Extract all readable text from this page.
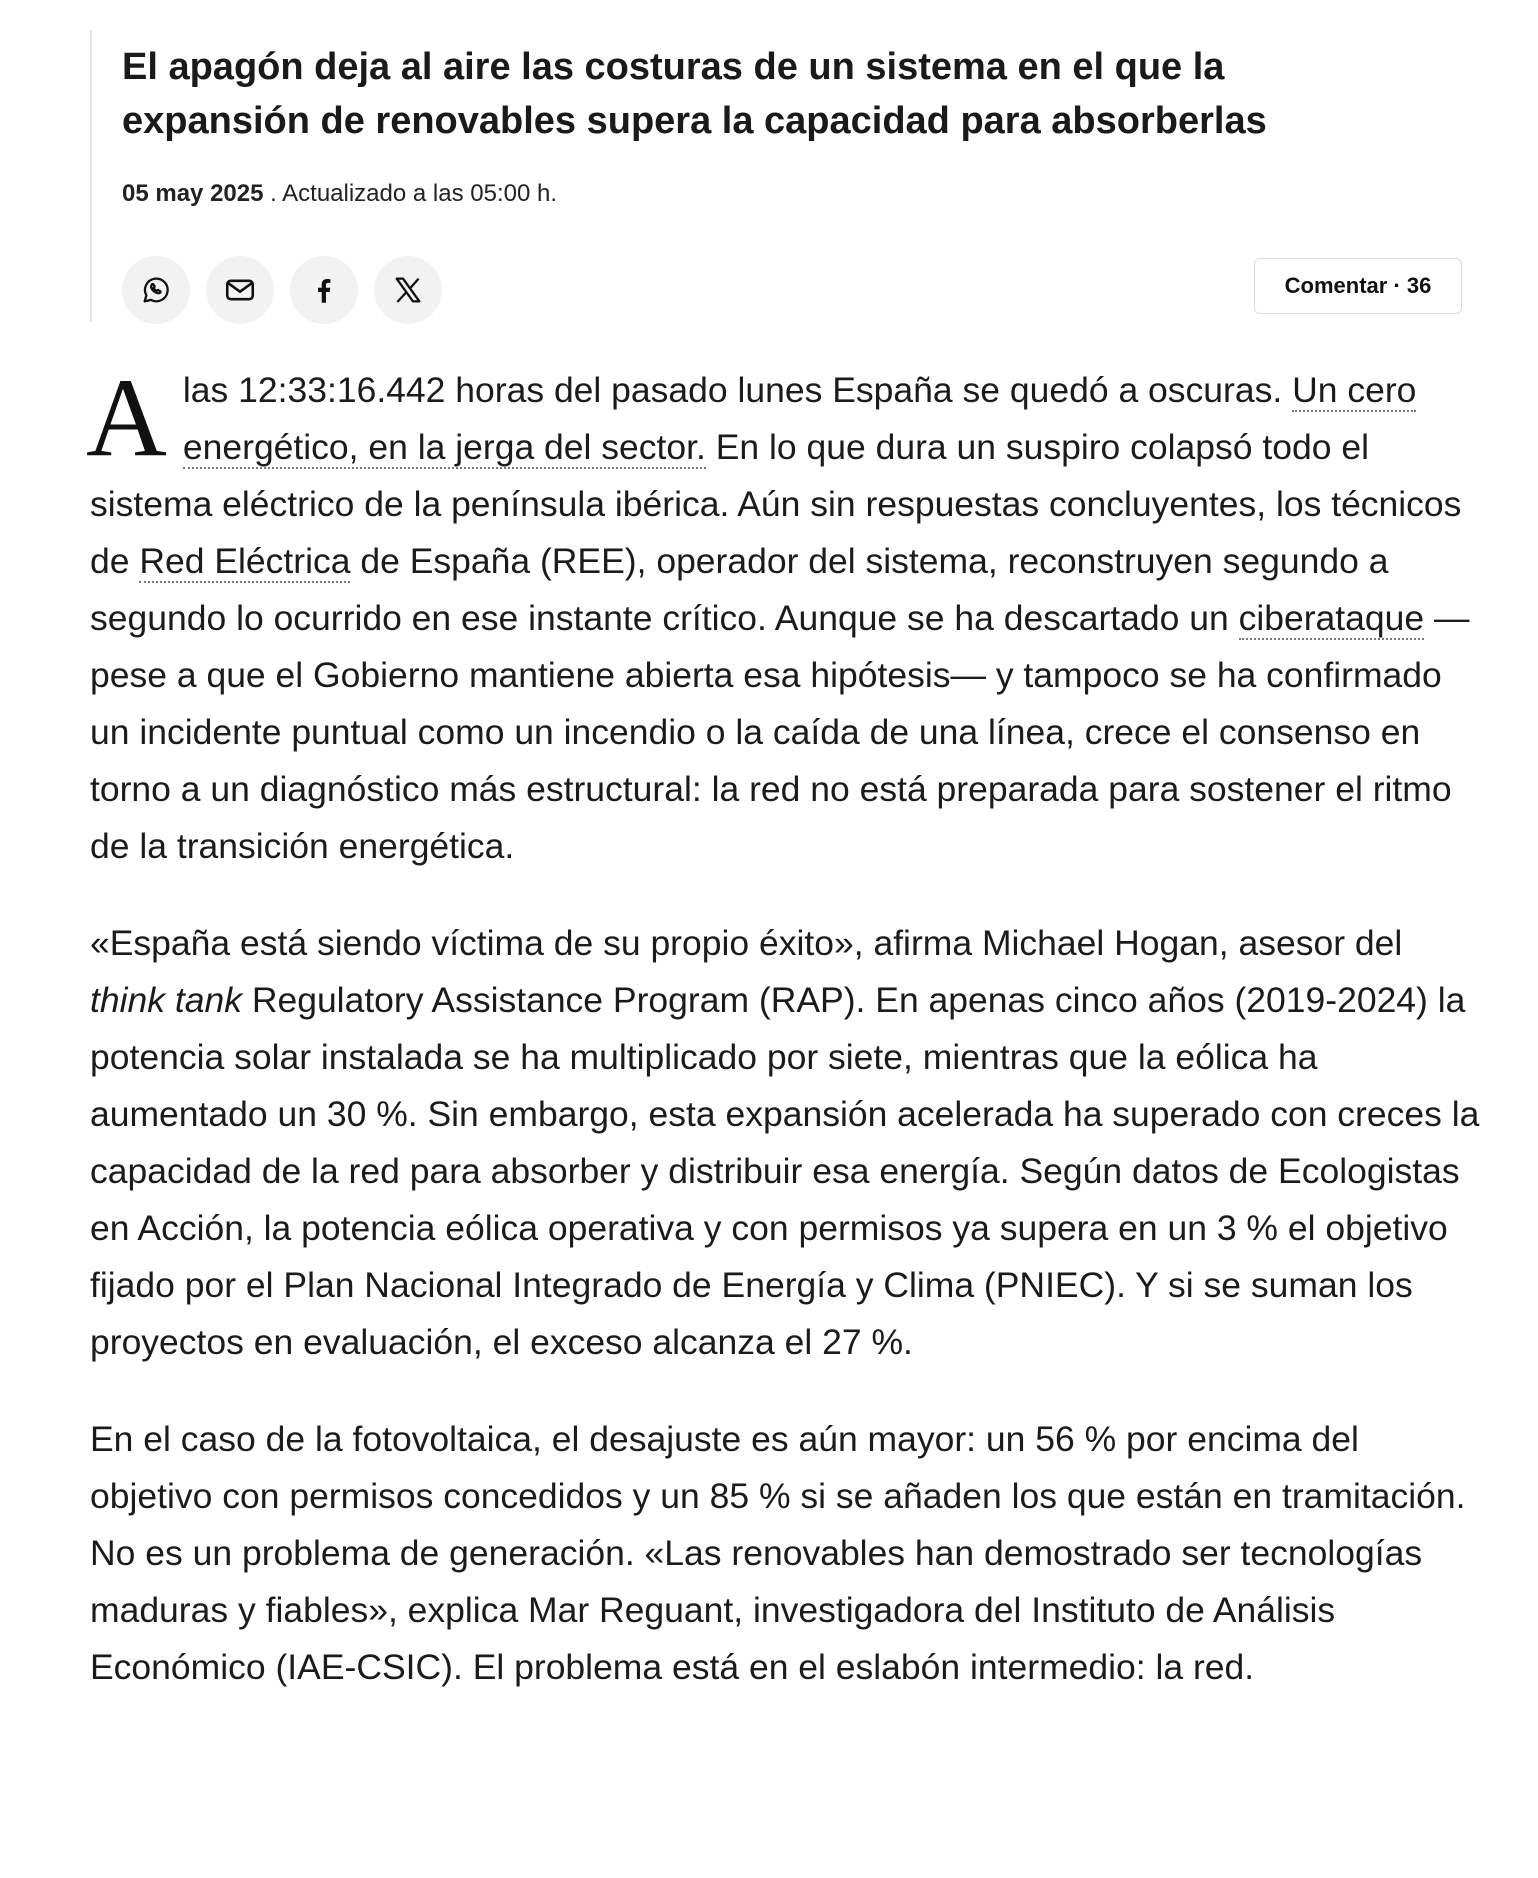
El apagón deja al aire las costuras de un sistema en el que la expansión de renovables supera la capacidad para absorberlas
05 may 2025 . Actualizado a las 05:00 h.
Comentar · 36

Alas 12:33:16.442 horas del pasado lunes España se quedó a oscuras. Un cero energético, en la jerga del sector. En lo que dura un suspiro colapsó todo el sistema eléctrico de la península ibérica. Aún sin respuestas concluyentes, los técnicos de Red Eléctrica de España (REE), operador del sistema, reconstruyen segundo a segundo lo ocurrido en ese instante crítico. Aunque se ha descartado un ciberataque —pese a que el Gobierno mantiene abierta esa hipótesis— y tampoco se ha confirmado un incidente puntual como un incendio o la caída de una línea, crece el consenso en torno a un diagnóstico más estructural: la red no está preparada para sostener el ritmo de la transición energética.

«España está siendo víctima de su propio éxito», afirma Michael Hogan, asesor del think tank Regulatory Assistance Program (RAP). En apenas cinco años (2019-2024) la potencia solar instalada se ha multiplicado por siete, mientras que la eólica ha aumentado un 30 %. Sin embargo, esta expansión acelerada ha superado con creces la capacidad de la red para absorber y distribuir esa energía. Según datos de Ecologistas en Acción, la potencia eólica operativa y con permisos ya supera en un 3 % el objetivo fijado por el Plan Nacional Integrado de Energía y Clima (PNIEC). Y si se suman los proyectos en evaluación, el exceso alcanza el 27 %.

En el caso de la fotovoltaica, el desajuste es aún mayor: un 56 % por encima del objetivo con permisos concedidos y un 85 % si se añaden los que están en tramitación. No es un problema de generación. «Las renovables han demostrado ser tecnologías maduras y fiables», explica Mar Reguant, investigadora del Instituto de Análisis Económico (IAE-CSIC). El problema está en el eslabón intermedio: la red.
